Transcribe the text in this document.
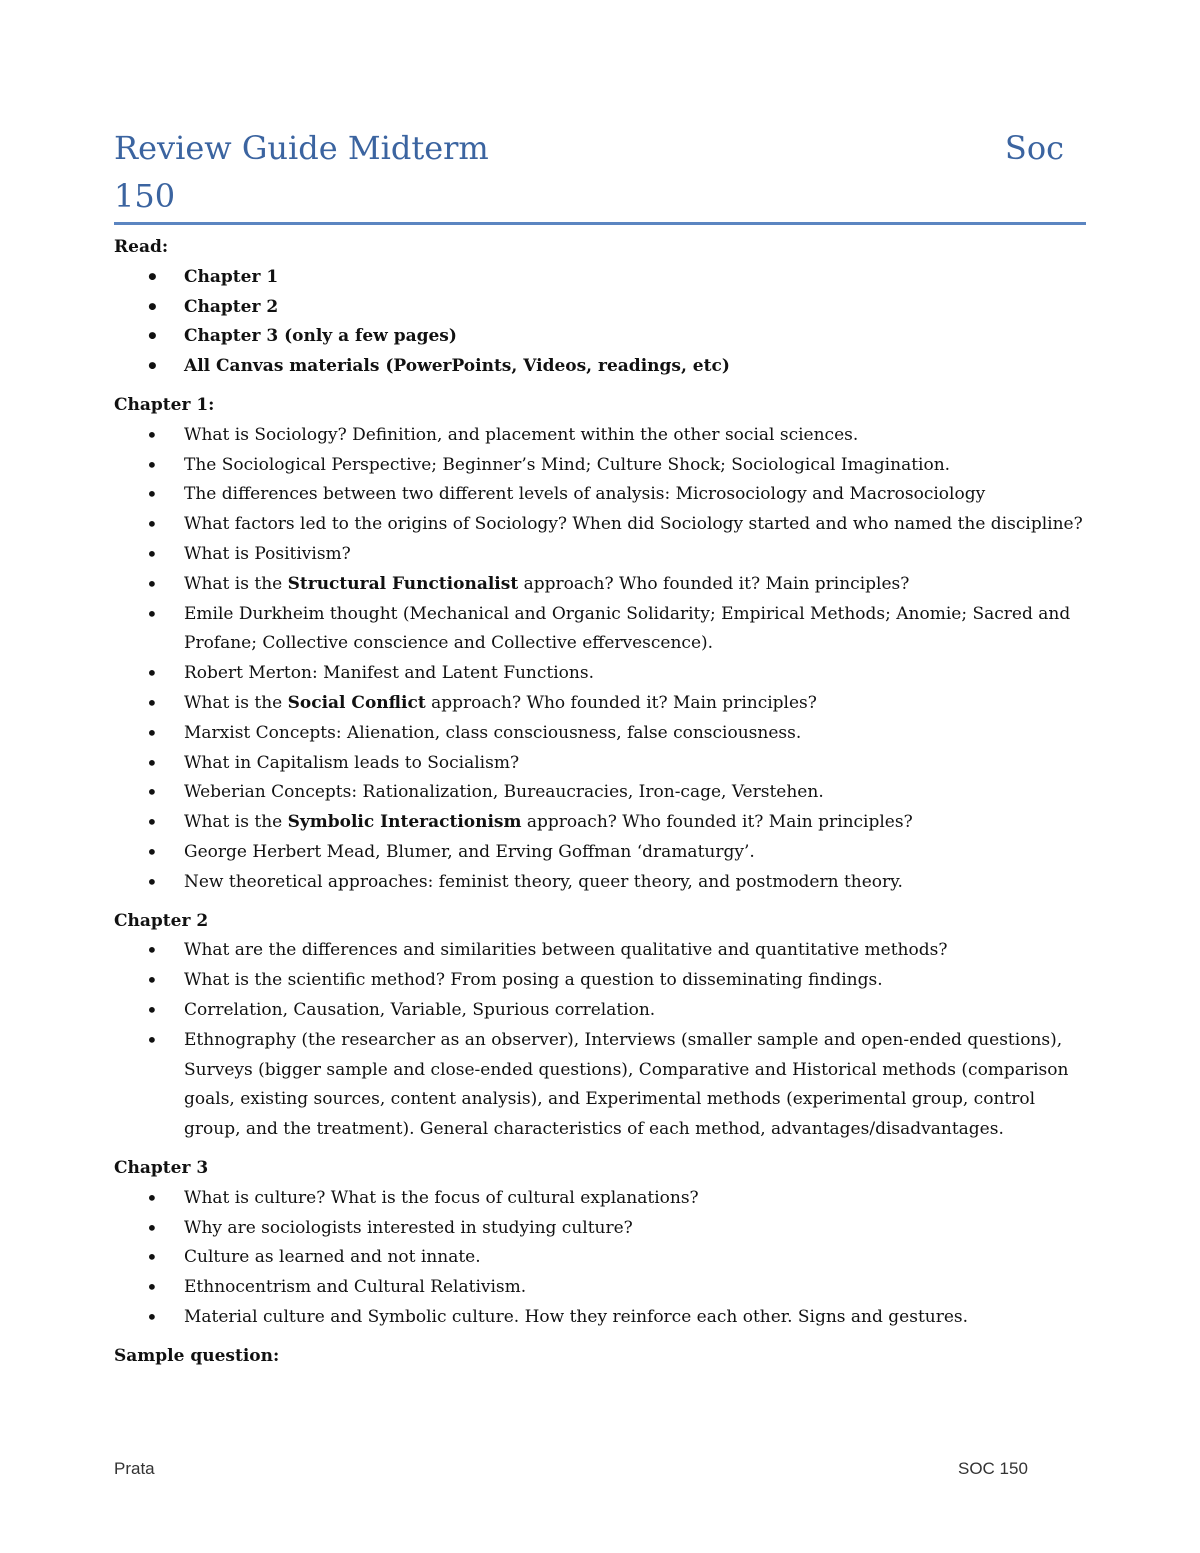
Review Guide Midterm	Soc
150
Read:
• Chapter 1
• Chapter 2
• Chapter 3 (only a few pages)
• All Canvas materials (PowerPoints, Videos, readings, etc)
Chapter 1:
• What is Sociology? Definition, and placement within the other social sciences.
• The Sociological Perspective; Beginner’s Mind; Culture Shock; Sociological Imagination.
• The differences between two different levels of analysis: Microsociology and Macrosociology
• What factors led to the origins of Sociology? When did Sociology started and who named the discipline?
• What is Positivism?
• What is the Structural Functionalist approach? Who founded it? Main principles?
• Emile Durkheim thought (Mechanical and Organic Solidarity; Empirical Methods; Anomie; Sacred and Profane; Collective conscience and Collective effervescence).
• Robert Merton: Manifest and Latent Functions.
• What is the Social Conflict approach? Who founded it? Main principles?
• Marxist Concepts: Alienation, class consciousness, false consciousness.
• What in Capitalism leads to Socialism?
• Weberian Concepts: Rationalization, Bureaucracies, Iron-cage, Verstehen.
• What is the Symbolic Interactionism approach? Who founded it? Main principles?
• George Herbert Mead, Blumer, and Erving Goffman ‘dramaturgy’.
• New theoretical approaches: feminist theory, queer theory, and postmodern theory.
Chapter 2
• What are the differences and similarities between qualitative and quantitative methods?
• What is the scientific method? From posing a question to disseminating findings.
• Correlation, Causation, Variable, Spurious correlation.
• Ethnography (the researcher as an observer), Interviews (smaller sample and open-ended questions), Surveys (bigger sample and close-ended questions), Comparative and Historical methods (comparison goals, existing sources, content analysis), and Experimental methods (experimental group, control group, and the treatment). General characteristics of each method, advantages/disadvantages.
Chapter 3
• What is culture? What is the focus of cultural explanations?
• Why are sociologists interested in studying culture?
• Culture as learned and not innate.
• Ethnocentrism and Cultural Relativism.
• Material culture and Symbolic culture. How they reinforce each other. Signs and gestures.
Sample question:
Prata	SOC 150
